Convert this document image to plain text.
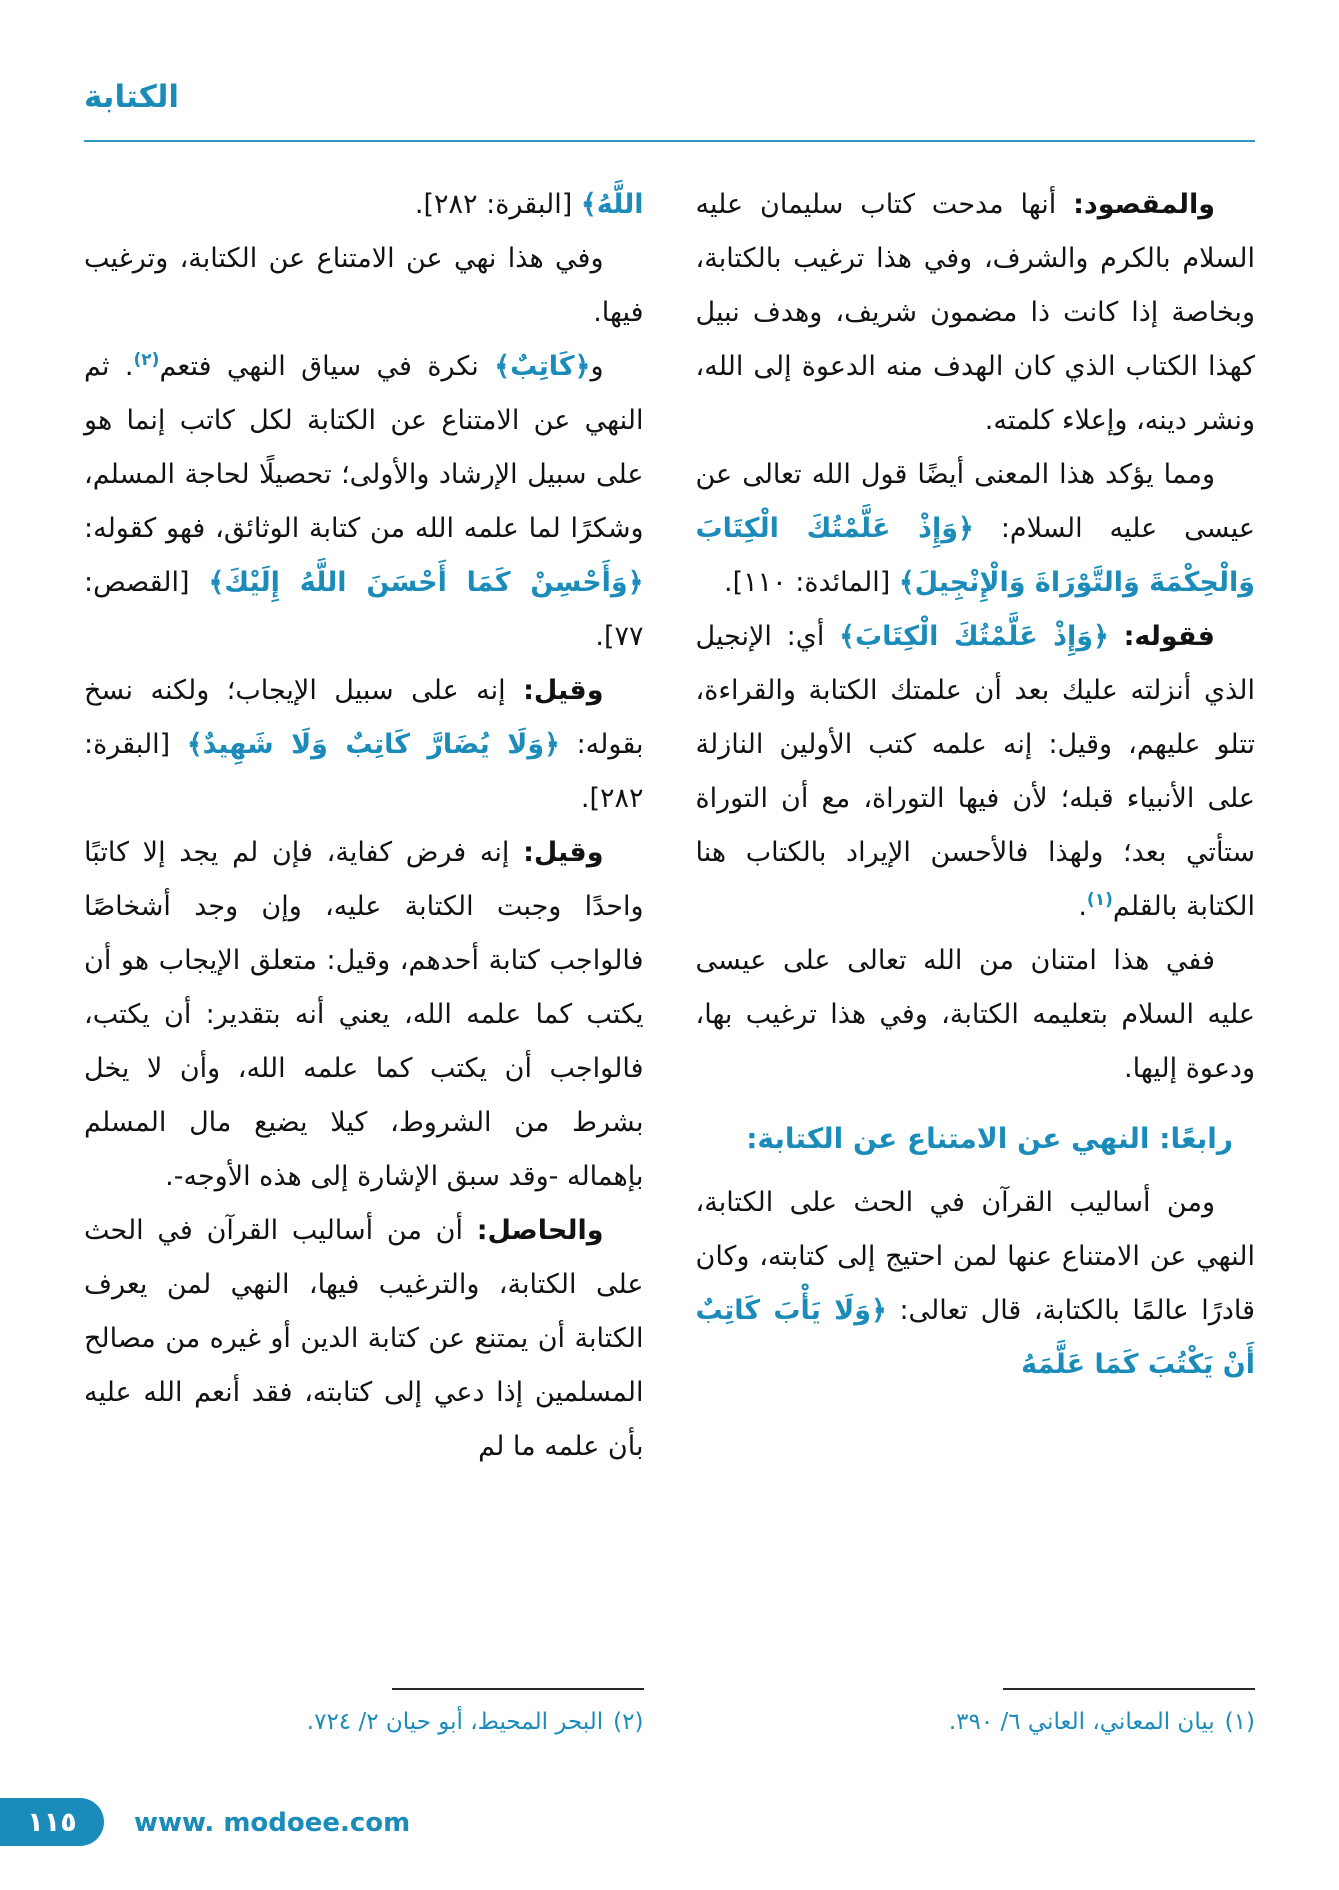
الكتابة

والمقصود: أنها مدحت كتاب سليمان عليه السلام بالكرم والشرف، وفي هذا ترغيب بالكتابة، وبخاصة إذا كانت ذا مضمون شريف، وهدف نبيل كهذا الكتاب الذي كان الهدف منه الدعوة إلى الله، ونشر دينه، وإعلاء كلمته.

ومما يؤكد هذا المعنى أيضًا قول الله تعالى عن عيسى عليه السلام: ﴿وَإِذْ عَلَّمْتُكَ الْكِتَابَ وَالْحِكْمَةَ وَالتَّوْرَاةَ وَالْإِنْجِيلَ﴾ [المائدة: ١١٠].

فقوله: ﴿وَإِذْ عَلَّمْتُكَ الْكِتَابَ﴾ أي: الإنجيل الذي أنزلته عليك بعد أن علمتك الكتابة والقراءة، تتلو عليهم، وقيل: إنه علمه كتب الأولين النازلة على الأنبياء قبله؛ لأن فيها التوراة، مع أن التوراة ستأتي بعد؛ ولهذا فالأحسن الإيراد بالكتاب هنا الكتابة بالقلم$^{(١)}$.

ففي هذا امتنان من الله تعالى على عيسى عليه السلام بتعليمه الكتابة، وفي هذا ترغيب بها، ودعوة إليها.

رابعًا: النهي عن الامتناع عن الكتابة:

ومن أساليب القرآن في الحث على الكتابة، النهي عن الامتناع عنها لمن احتيج إلى كتابته، وكان قادرًا عالمًا بالكتابة، قال تعالى: ﴿وَلَا يَأْبَ كَاتِبٌ أَنْ يَكْتُبَ كَمَا عَلَّمَهُ

(١)بيان المعاني، العاني ٦/ ٣٩٠.

اللَّهُ﴾ [البقرة: ٢٨٢].

وفي هذا نهي عن الامتناع عن الكتابة، وترغيب فيها.

و﴿كَاتِبٌ﴾ نكرة في سياق النهي فتعم$^{(٢)}$. ثم النهي عن الامتناع عن الكتابة لكل كاتب إنما هو على سبيل الإرشاد والأولى؛ تحصيلًا لحاجة المسلم، وشكرًا لما علمه الله من كتابة الوثائق، فهو كقوله: ﴿وَأَحْسِنْ كَمَا أَحْسَنَ اللَّهُ إِلَيْكَ﴾ [القصص: ٧٧].

وقيل: إنه على سبيل الإيجاب؛ ولكنه نسخ بقوله: ﴿وَلَا يُضَارَّ كَاتِبٌ وَلَا شَهِيدٌ﴾ [البقرة: ٢٨٢].

وقيل: إنه فرض كفاية، فإن لم يجد إلا كاتبًا واحدًا وجبت الكتابة عليه، وإن وجد أشخاصًا فالواجب كتابة أحدهم، وقيل: متعلق الإيجاب هو أن يكتب كما علمه الله، يعني أنه بتقدير: أن يكتب، فالواجب أن يكتب كما علمه الله، وأن لا يخل بشرط من الشروط، كيلا يضيع مال المسلم بإهماله -وقد سبق الإشارة إلى هذه الأوجه-.

والحاصل: أن من أساليب القرآن في الحث على الكتابة، والترغيب فيها، النهي لمن يعرف الكتابة أن يمتنع عن كتابة الدين أو غيره من مصالح المسلمين إذا دعي إلى كتابته، فقد أنعم الله عليه بأن علمه ما لم

(٢)البحر المحيط، أبو حيان ٢/ ٧٢٤.
١١٥ www. modoee.com
